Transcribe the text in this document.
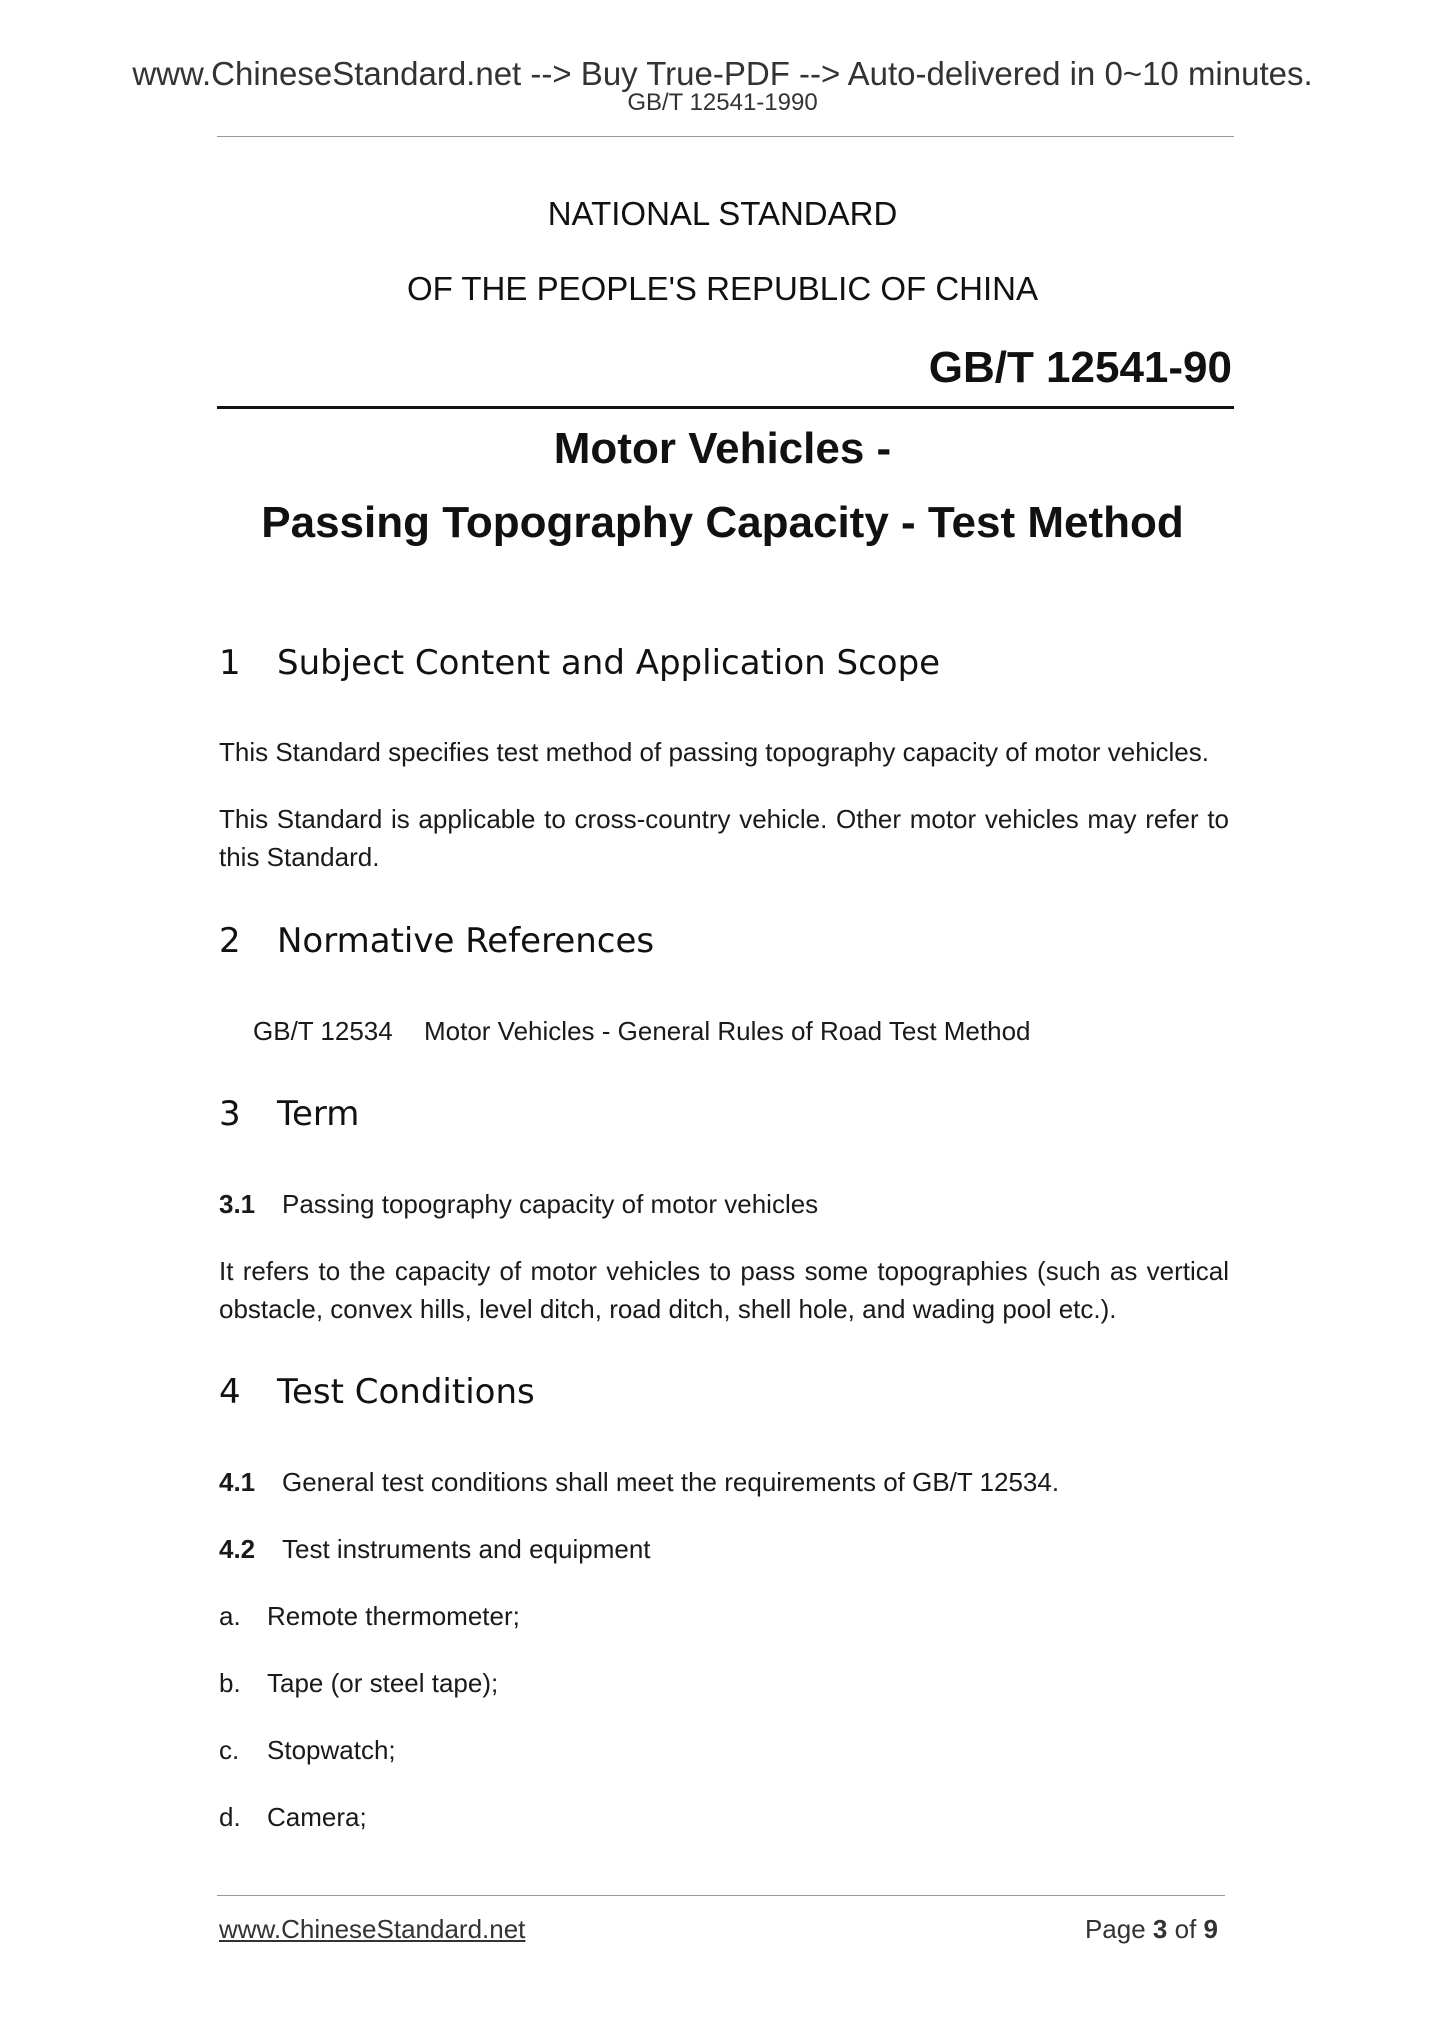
www.ChineseStandard.net --> Buy True-PDF --> Auto-delivered in 0~10 minutes.
GB/T 12541-1990
NATIONAL STANDARD
OF THE PEOPLE'S REPUBLIC OF CHINA
GB/T 12541-90
Motor Vehicles -
Passing Topography Capacity - Test Method
1 Subject Content and Application Scope
This Standard specifies test method of passing topography capacity of motor vehicles.
This Standard is applicable to cross-country vehicle. Other motor vehicles may refer to this Standard.
2 Normative References
GB/T 12534 Motor Vehicles - General Rules of Road Test Method
3 Term
3.1 Passing topography capacity of motor vehicles
It refers to the capacity of motor vehicles to pass some topographies (such as vertical obstacle, convex hills, level ditch, road ditch, shell hole, and wading pool etc.).
4 Test Conditions
4.1 General test conditions shall meet the requirements of GB/T 12534.
4.2 Test instruments and equipment
a. Remote thermometer;
b. Tape (or steel tape);
c. Stopwatch;
d. Camera;
www.ChineseStandard.net	Page 3 of 9
